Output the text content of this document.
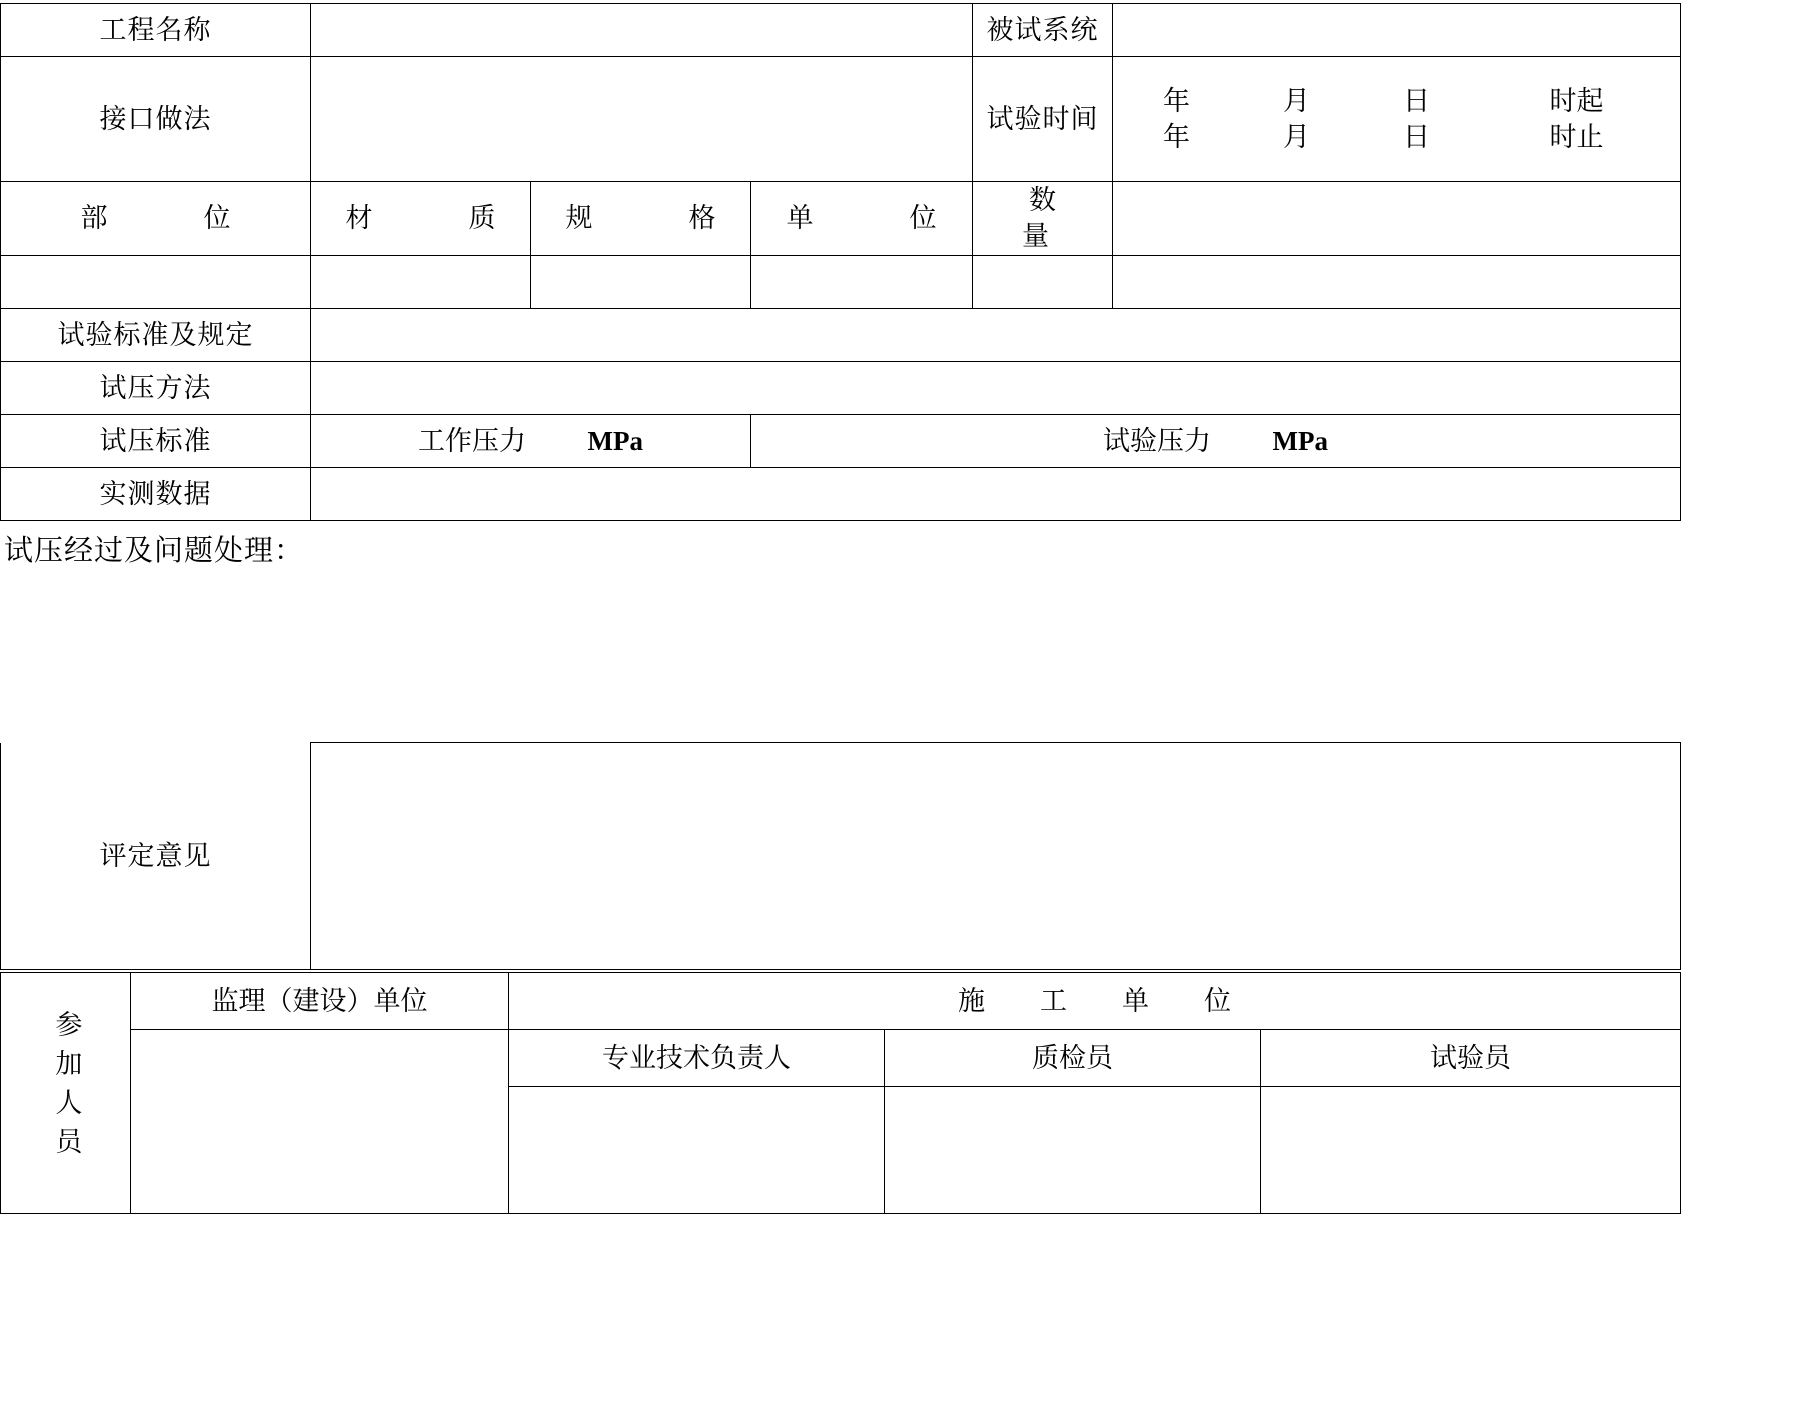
工程名称				被试系统	
接口做法				试验时间	年 月 日 时起
年 月 日 时止

部　　位	材　　质	规　　格	单　　位	数　　量	

试验标准及规定					
试压方法					
试压标准	工作压力 MPa		试验压力 MPa		
实测数据					
试压经过及问题处理：
评定意见	
参加人员	监理（建设）单位	施　工　单　位		
		专业技术负责人	质检员	试验员
